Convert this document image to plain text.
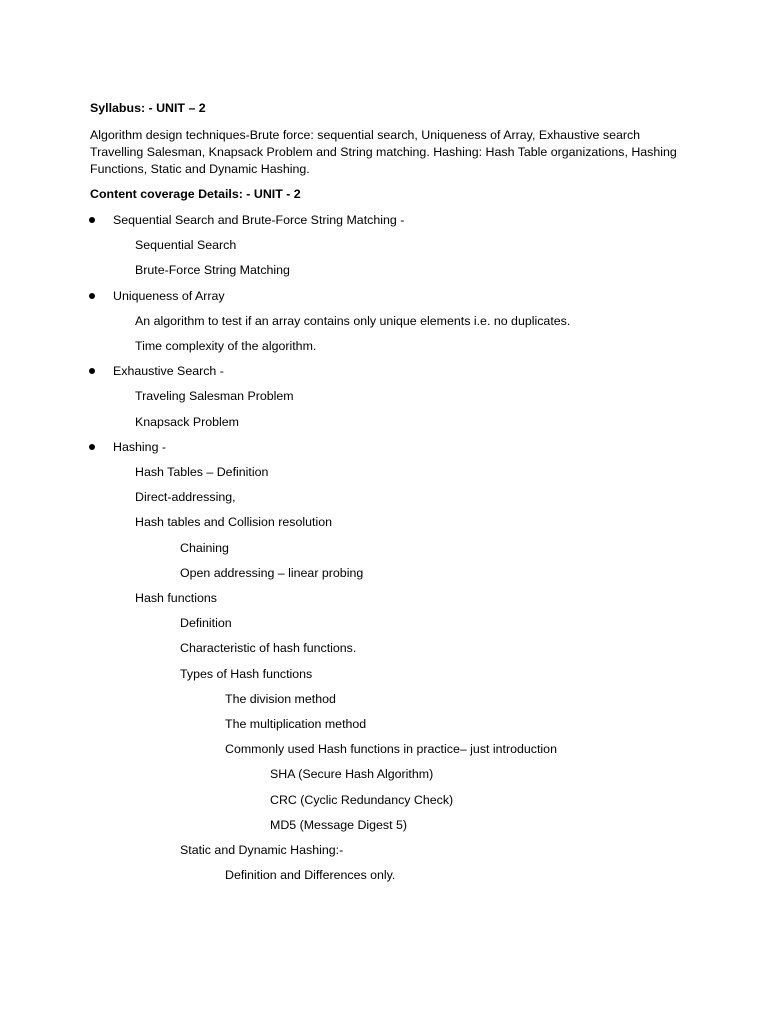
Syllabus: - UNIT – 2
Algorithm design techniques-Brute force: sequential search, Uniqueness of Array, Exhaustive search
Travelling Salesman, Knapsack Problem and String matching. Hashing: Hash Table organizations, Hashing
Functions, Static and Dynamic Hashing.
Content coverage Details: - UNIT - 2
Sequential Search and Brute-Force String Matching -
Sequential Search
Brute-Force String Matching
Uniqueness of Array
An algorithm to test if an array contains only unique elements i.e. no duplicates.
Time complexity of the algorithm.
Exhaustive Search -
Traveling Salesman Problem
Knapsack Problem
Hashing -
Hash Tables – Definition
Direct-addressing,
Hash tables and Collision resolution
Chaining
Open addressing – linear probing
Hash functions
Definition
Characteristic of hash functions.
Types of Hash functions
The division method
The multiplication method
Commonly used Hash functions in practice– just introduction
SHA (Secure Hash Algorithm)
CRC (Cyclic Redundancy Check)
MD5 (Message Digest 5)
Static and Dynamic Hashing:-
Definition and Differences only.
